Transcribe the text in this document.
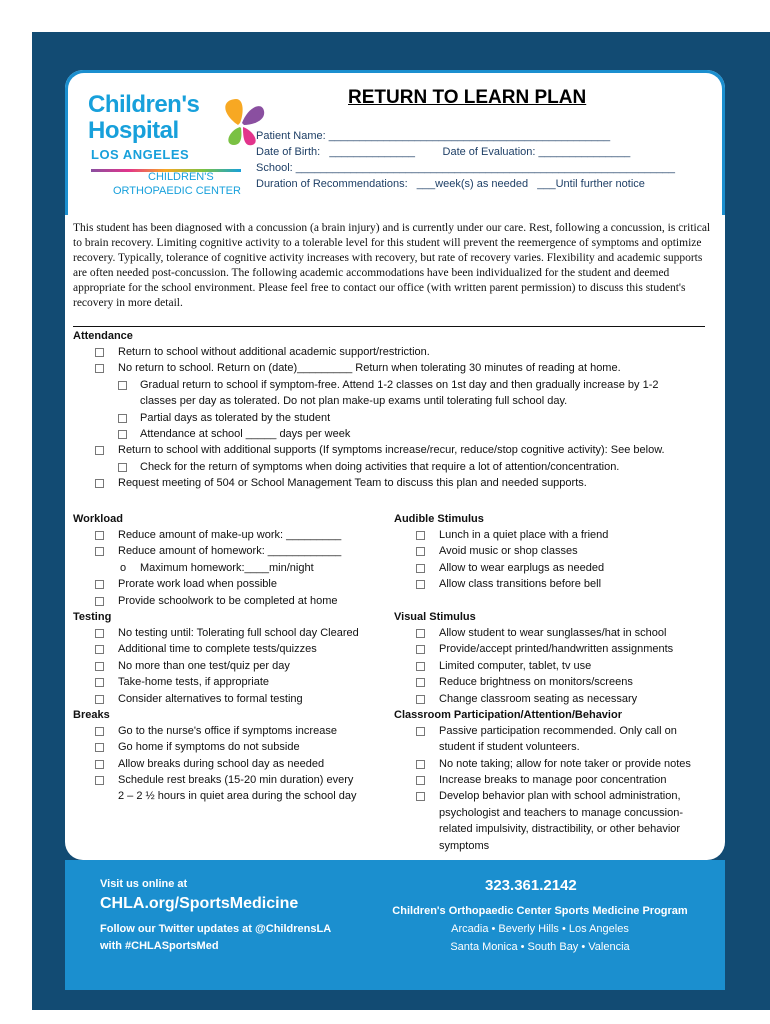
Children's
Hospital
LOS ANGELES
CHILDREN'S
ORTHOPAEDIC CENTER
RETURN TO LEARN PLAN
Patient Name: ______________________________________________
Date of Birth:   ______________         Date of Evaluation: _______________
School: ______________________________________________________________
Duration of Recommendations:   ___week(s) as needed   ___Until further notice
This student has been diagnosed with a concussion (a brain injury) and is currently under our care. Rest, following a concussion, is critical to brain recovery. Limiting cognitive activity to a tolerable level for this student will prevent the reemergence of symptoms and optimize recovery. Typically, tolerance of cognitive activity increases with recovery, but rate of recovery varies. Flexibility and academic supports are often needed post-concussion. The following academic accommodations have been individualized for the student and deemed appropriate for the school environment. Please feel free to contact our office (with written parent permission) to discuss this student's recovery in more detail.
Attendance
Return to school without additional academic support/restriction.
No return to school. Return on (date)_________ Return when tolerating 30 minutes of reading at home.
Gradual return to school if symptom-free. Attend 1-2 classes on 1st day and then gradually increase by 1-2
classes per day as tolerated. Do not plan make-up exams until tolerating full school day.
Partial days as tolerated by the student
Attendance at school _____ days per week
Return to school with additional supports (If symptoms increase/recur, reduce/stop cognitive activity): See below.
Check for the return of symptoms when doing activities that require a lot of attention/concentration.
Request meeting of 504 or School Management Team to discuss this plan and needed supports.
Workload
Reduce amount of make-up work: _________
Reduce amount of homework: ____________
o Maximum homework:____min/night
Prorate work load when possible
Provide schoolwork to be completed at home
Testing
No testing until: Tolerating full school day Cleared
Additional time to complete tests/quizzes
No more than one test/quiz per day
Take-home tests, if appropriate
Consider alternatives to formal testing
Breaks
Go to the nurse's office if symptoms increase
Go home if symptoms do not subside
Allow breaks during school day as needed
Schedule rest breaks (15-20 min duration) every
2 – 2 ½ hours in quiet area during the school day
Audible Stimulus
Lunch in a quiet place with a friend
Avoid music or shop classes
Allow to wear earplugs as needed
Allow class transitions before bell
Visual Stimulus
Allow student to wear sunglasses/hat in school
Provide/accept printed/handwritten assignments
Limited computer, tablet, tv use
Reduce brightness on monitors/screens
Change classroom seating as necessary
Classroom Participation/Attention/Behavior
Passive participation recommended. Only call on
student if student volunteers.
No note taking; allow for note taker or provide notes
Increase breaks to manage poor concentration
Develop behavior plan with school administration,
psychologist and teachers to manage concussion-
related impulsivity, distractibility, or other behavior
symptoms
Visit us online at
CHLA.org/SportsMedicine
Follow our Twitter updates at @ChildrensLA
with #CHLASportsMed
323.361.2142
Children's Orthopaedic Center Sports Medicine Program
Arcadia • Beverly Hills • Los Angeles
Santa Monica • South Bay • Valencia
